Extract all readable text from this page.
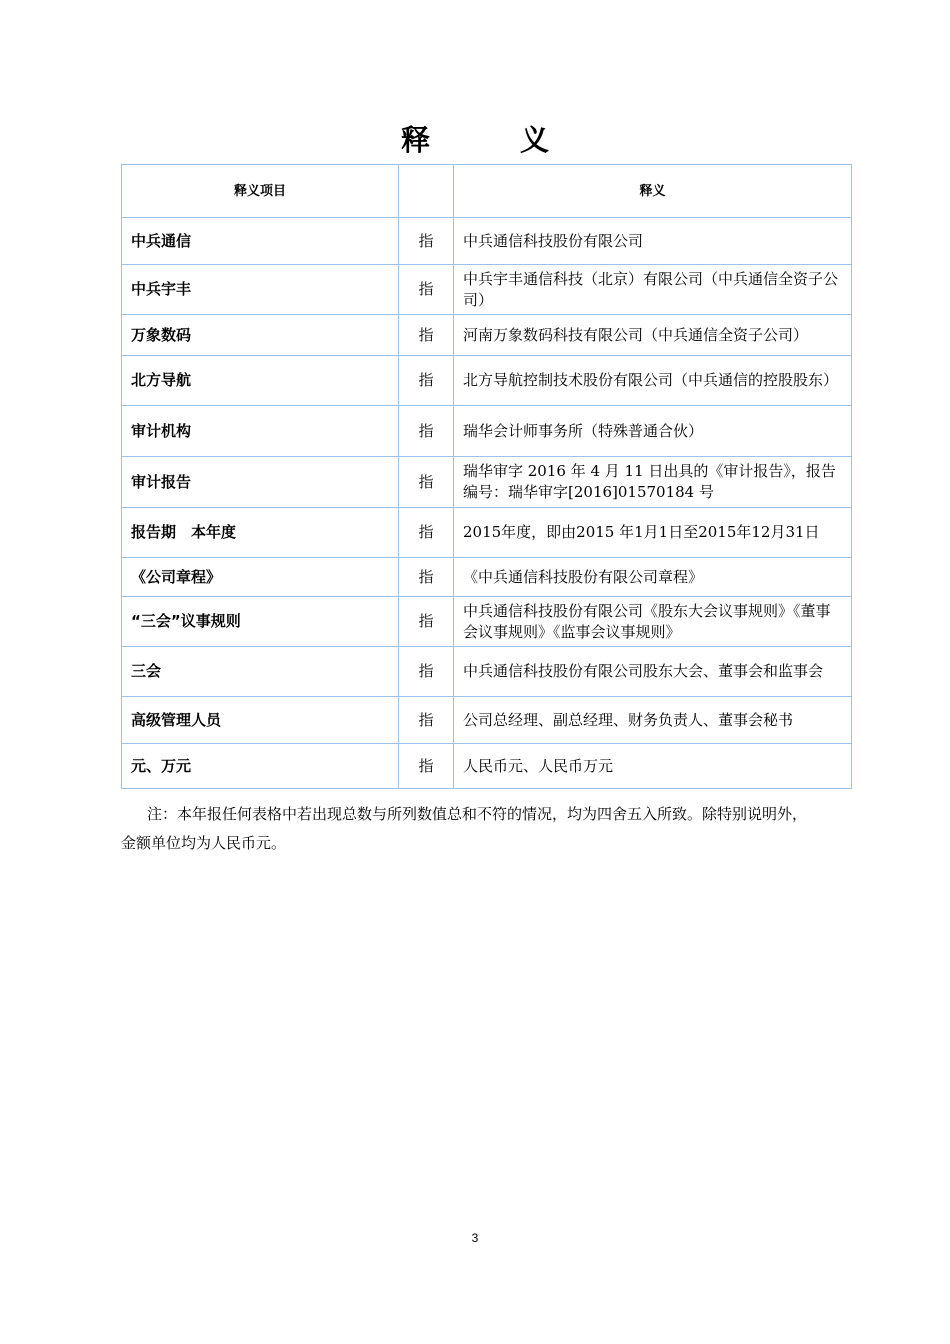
释 义
释义项目		释义
中兵通信	指	中兵通信科技股份有限公司
中兵宇丰	指	中兵宇丰通信科技（北京）有限公司（中兵通信全资子公司）
万象数码	指	河南万象数码科技有限公司（中兵通信全资子公司）
北方导航	指	北方导航控制技术股份有限公司（中兵通信的控股股东）
审计机构	指	瑞华会计师事务所（特殊普通合伙）
审计报告	指	瑞华审字 2016 年 4 月 11 日出具的《审计报告》，报告编号：瑞华审字[2016]01570184 号
报告期　本年度	指	2015年度，即由2015 年1月1日至2015年12月31日
《公司章程》	指	《中兵通信科技股份有限公司章程》
“三会”议事规则	指	中兵通信科技股份有限公司《股东大会议事规则》《董事会议事规则》《监事会议事规则》
三会	指	中兵通信科技股份有限公司股东大会、董事会和监事会
高级管理人员	指	公司总经理、副总经理、财务负责人、董事会秘书
元、万元	指	人民币元、人民币万元
注：本年报任何表格中若出现总数与所列数值总和不符的情况，均为四舍五入所致。除特别说明外，金额单位均为人民币元。
3
